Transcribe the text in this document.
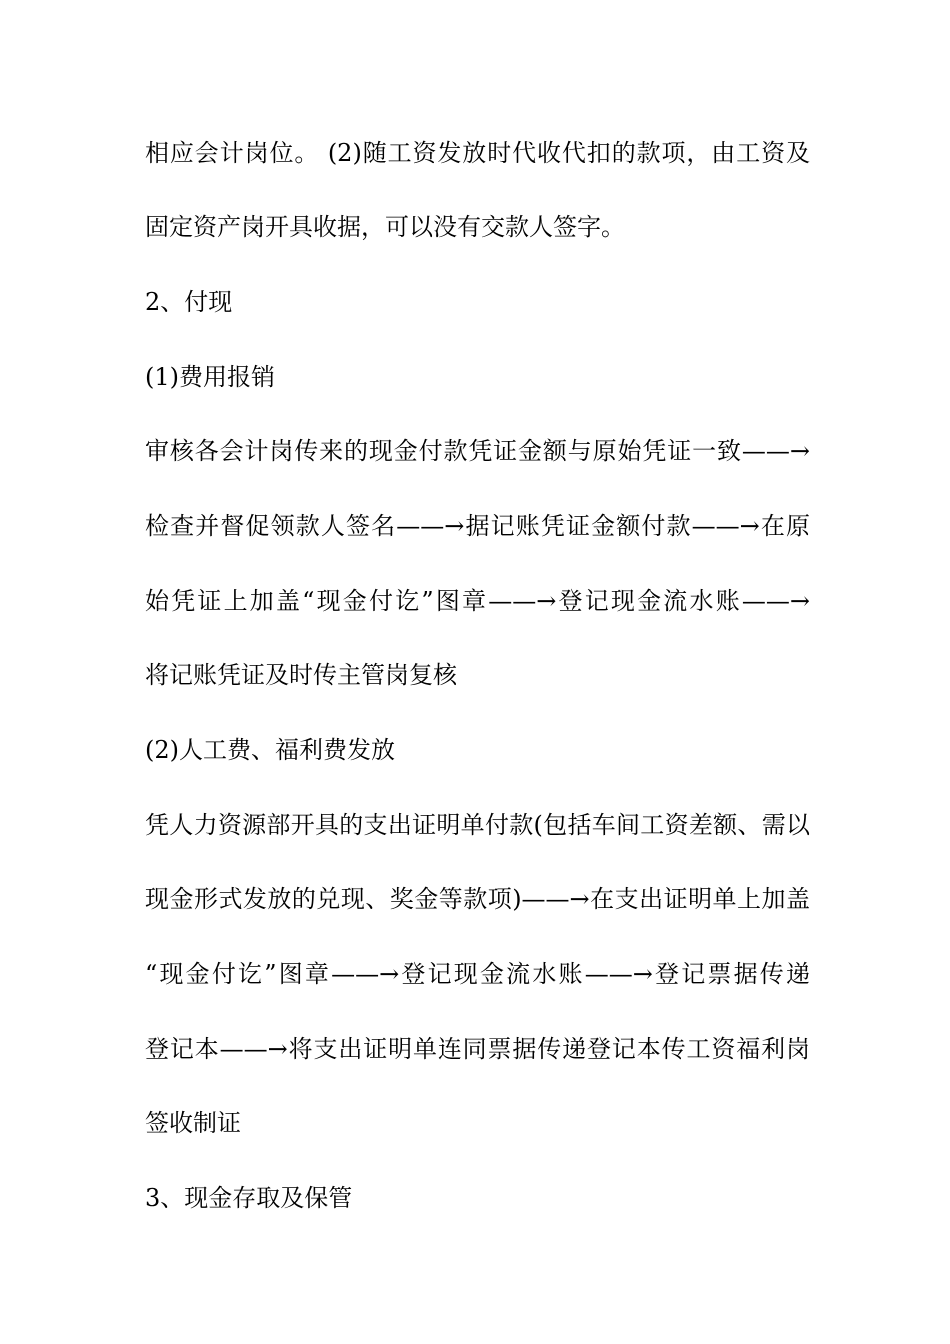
相应会计岗位。 (2)随工资发放时代收代扣的款项，由工资及
固定资产岗开具收据，可以没有交款人签字。
2、付现
(1)费用报销
审核各会计岗传来的现金付款凭证金额与原始凭证一致——→
检查并督促领款人签名——→据记账凭证金额付款——→在原
始凭证上加盖“现金付讫”图章——→登记现金流水账——→
将记账凭证及时传主管岗复核
(2)人工费、福利费发放
凭人力资源部开具的支出证明单付款(包括车间工资差额、需以
现金形式发放的兑现、奖金等款项)——→在支出证明单上加盖
“现金付讫”图章——→登记现金流水账——→登记票据传递
登记本——→将支出证明单连同票据传递登记本传工资福利岗
签收制证
3、现金存取及保管
